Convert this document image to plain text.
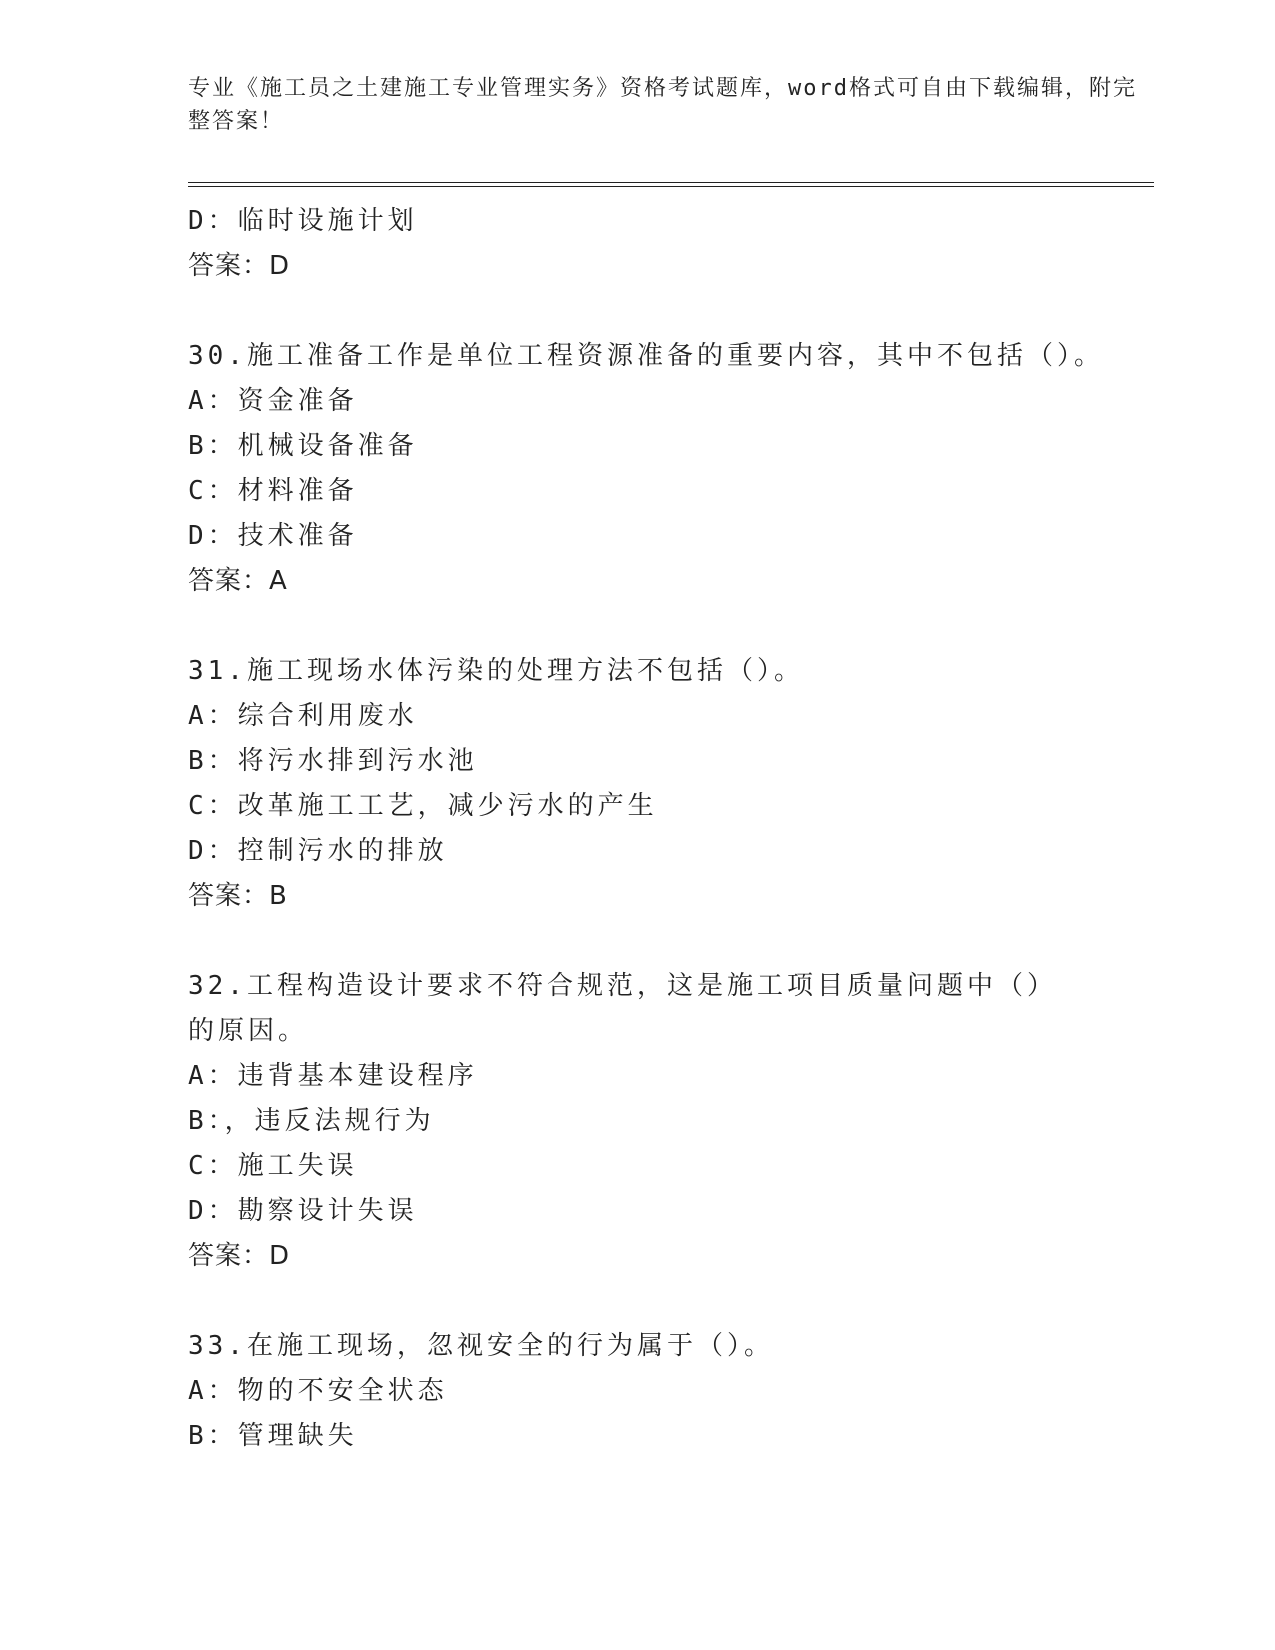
专业《施工员之土建施工专业管理实务》资格考试题库，word格式可自由下载编辑，附完整答案！

D：临时设施计划
答案：D
30.施工准备工作是单位工程资源准备的重要内容，其中不包括（）。
A：资金准备
B：机械设备准备
C：材料准备
D：技术准备
答案：A
31.施工现场水体污染的处理方法不包括（）。
A：综合利用废水
B：将污水排到污水池
C：改革施工工艺，减少污水的产生
D：控制污水的排放
答案：B
32.工程构造设计要求不符合规范，这是施工项目质量问题中（）的原因。
A：违背基本建设程序
B：，违反法规行为
C：施工失误
D：勘察设计失误
答案：D
33.在施工现场，忽视安全的行为属于（）。
A：物的不安全状态
B：管理缺失
